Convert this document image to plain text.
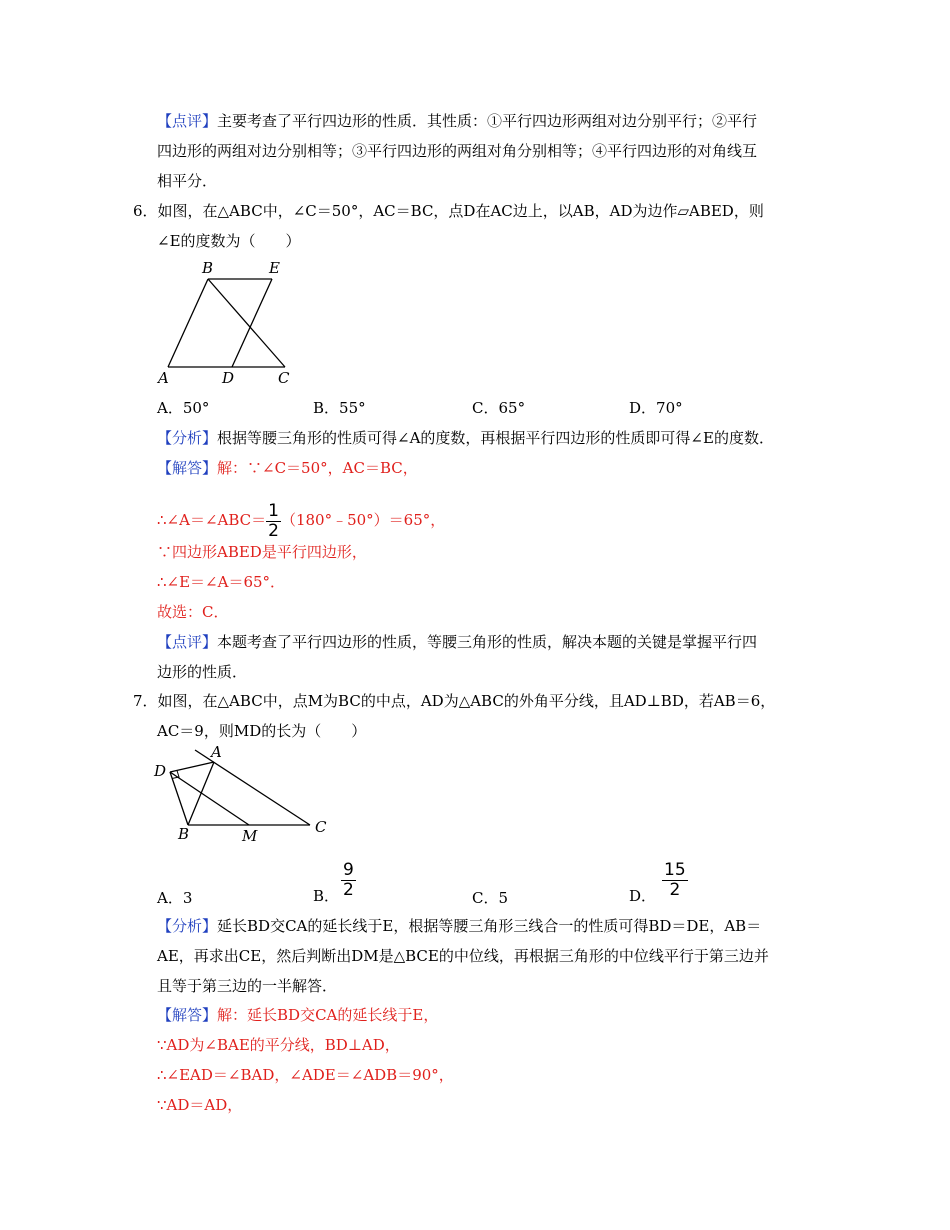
【点评】主要考查了平行四边形的性质．其性质：①平行四边形两组对边分别平行；②平行
四边形的两组对边分别相等；③平行四边形的两组对角分别相等；④平行四边形的对角线互
相平分．
6．如图，在△ABC中，∠C＝50°，AC＝BC，点D在AC边上，以AB，AD为边作▱ABED，则
∠E的度数为（　　）
B	E
A	D	C
A．50°	B．55°	C．65°	D．70°
【分析】根据等腰三角形的性质可得∠A的度数，再根据平行四边形的性质即可得∠E的度数．
【解答】解：∵∠C＝50°，AC＝BC，
∴∠A＝∠ABC＝ $\frac{1}{2}$ （180°﹣50°）＝65°，
∵四边形ABED是平行四边形，
∴∠E＝∠A＝65°．
故选：C．
【点评】本题考查了平行四边形的性质，等腰三角形的性质，解决本题的关键是掌握平行四
边形的性质．
7．如图，在△ABC中，点M为BC的中点，AD为△ABC的外角平分线，且AD⊥BD，若AB＝6，
AC＝9，则MD的长为（　　）
A
D
B	M	C
A．3	B． $\frac{9}{2}$	C．5	D． $\frac{15}{2}$
【分析】延长BD交CA的延长线于E，根据等腰三角形三线合一的性质可得BD＝DE，AB＝
AE，再求出CE，然后判断出DM是△BCE的中位线，再根据三角形的中位线平行于第三边并
且等于第三边的一半解答．
【解答】解：延长BD交CA的延长线于E，
∵AD为∠BAE的平分线，BD⊥AD，
∴∠EAD＝∠BAD，∠ADE＝∠ADB＝90°，
∵AD＝AD，
